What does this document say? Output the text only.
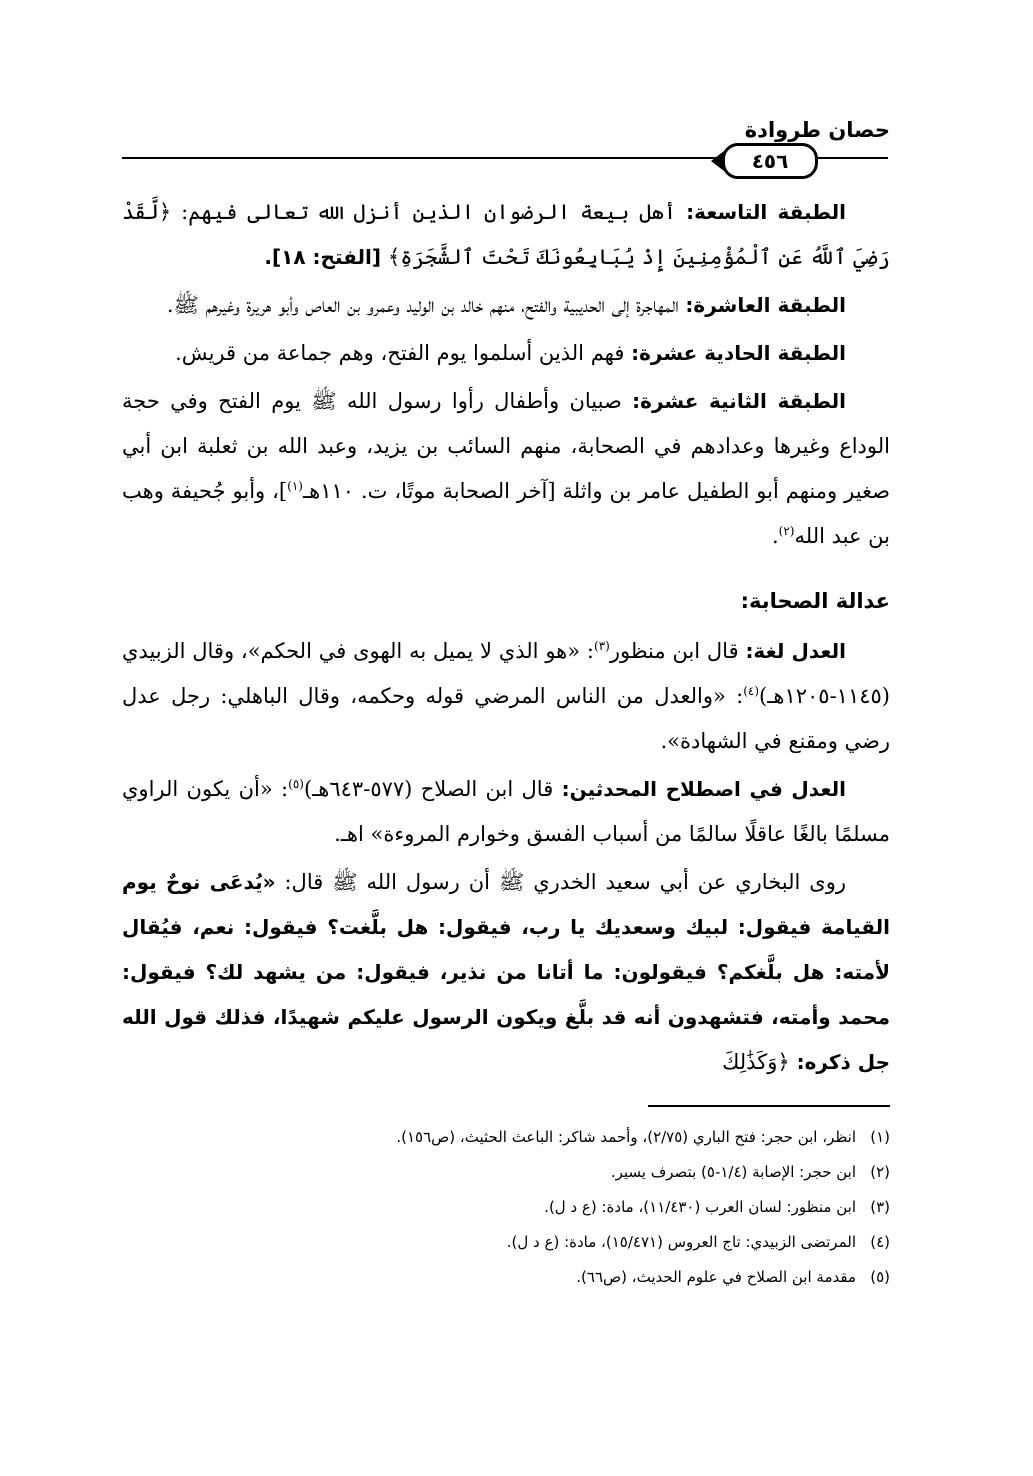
حصان طروادة
٤٥٦

الطبقة التاسعة: أهل بيعة الرضوان الذين أنزل الله تعالى فيهم: ﴿لَّقَدْ رَضِيَ ٱللَّهُ عَنِ ٱلْمُؤْمِنِينَ إِذْ يُبَايِعُونَكَ تَحْتَ ٱلشَّجَرَةِ﴾ [الفتح: ١٨].

الطبقة العاشرة: المهاجرة إلى الحديبية والفتح، منهم خالد بن الوليد وعمرو بن العاص وأبو هريرة وغيرهم ﷺ.

الطبقة الحادية عشرة: فهم الذين أسلموا يوم الفتح، وهم جماعة من قريش.

الطبقة الثانية عشرة: صبيان وأطفال رأوا رسول الله ﷺ يوم الفتح وفي حجة الوداع وغيرها وعدادهم في الصحابة، منهم السائب بن يزيد، وعبد الله بن ثعلبة ابن أبي صغير ومنهم أبو الطفيل عامر بن واثلة [آخر الصحابة موتًا، ت. ١١٠هـ$^{(١)}$]، وأبو جُحيفة وهب بن عبد الله$^{(٢)}$.

عدالة الصحابة:

العدل لغة: قال ابن منظور$^{(٣)}$: «هو الذي لا يميل به الهوى في الحكم»، وقال الزبيدي (١١٤٥-١٢٠٥هـ)$^{(٤)}$: «والعدل من الناس المرضي قوله وحكمه، وقال الباهلي: رجل عدل رضي ومقنع في الشهادة».

العدل في اصطلاح المحدثين: قال ابن الصلاح (٥٧٧-٦٤٣هـ)$^{(٥)}$: «أن يكون الراوي مسلمًا بالغًا عاقلًا سالمًا من أسباب الفسق وخوارم المروءة» اهـ.

روى البخاري عن أبي سعيد الخدري ﷺ أن رسول الله ﷺ قال: «يُدعَى نوحٌ يوم القيامة فيقول: لبيك وسعديك يا رب، فيقول: هل بلَّغت؟ فيقول: نعم، فيُقال لأمته: هل بلَّغكم؟ فيقولون: ما أتانا من نذير، فيقول: من يشهد لك؟ فيقول: محمد وأمته، فتشهدون أنه قد بلَّغ ويكون الرسول عليكم شهيدًا، فذلك قول الله جل ذكره: ﴿وَكَذَٰلِكَ

(١)انظر، ابن حجر: فتح الباري (٢/٧٥)، وأحمد شاكر: الباعث الحثيث، (ص١٥٦).

(٢)ابن حجر: الإصابة (١/٤-٥) بتصرف يسير.

(٣)ابن منظور: لسان العرب (١١/٤٣٠)، مادة: (ع د ل).

(٤)المرتضى الزبيدي: تاج العروس (١٥/٤٧١)، مادة: (ع د ل).

(٥)مقدمة ابن الصلاح في علوم الحديث، (ص٦٦).
